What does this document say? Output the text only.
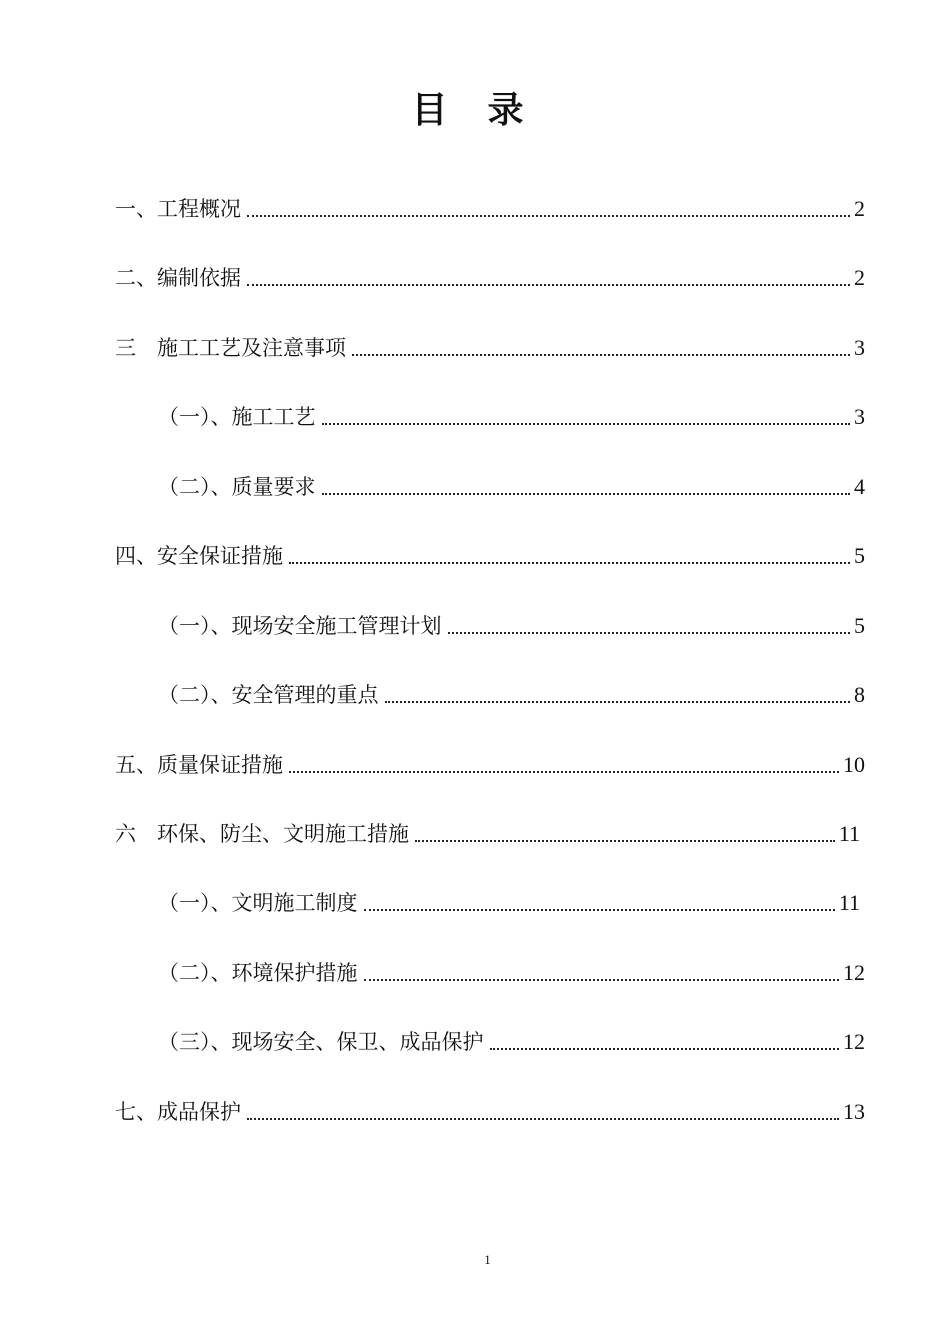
目录
一、工程概况	2
二、编制依据	2
三　施工工艺及注意事项	3
（一）、施工工艺	3
（二）、质量要求	4
四、安全保证措施	5
（一）、现场安全施工管理计划	5
（二）、安全管理的重点	8
五、质量保证措施	10
六　环保、防尘、文明施工措施	11
（一）、文明施工制度	11
（二）、环境保护措施	12
（三）、现场安全、保卫、成品保护	12
七、成品保护	13
1
